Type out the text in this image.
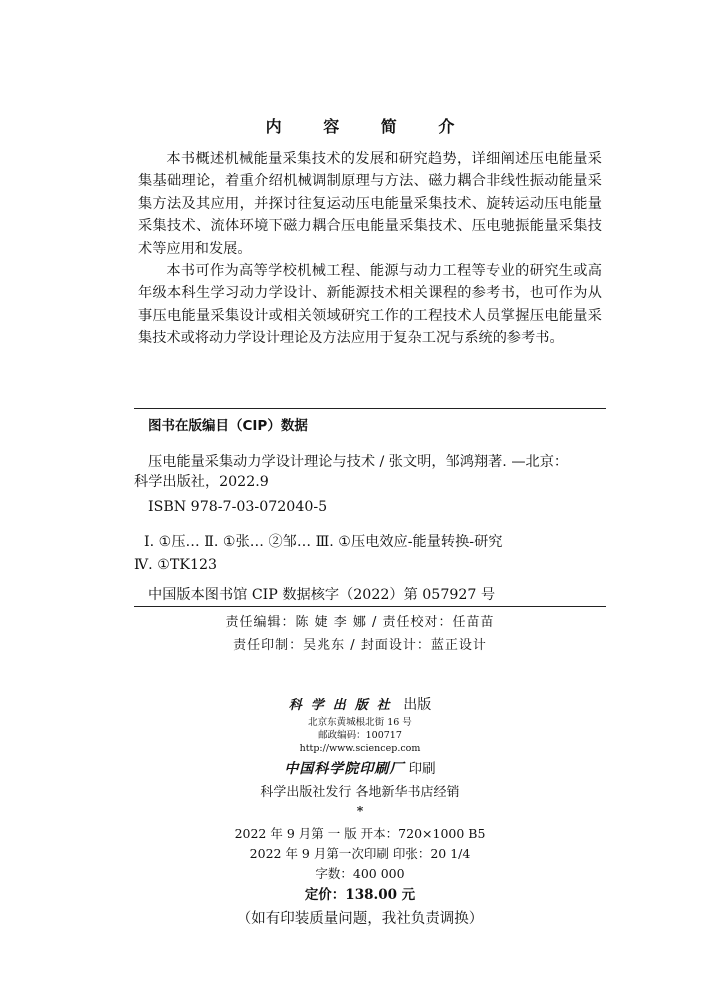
内 容 简 介

本书概述机械能量采集技术的发展和研究趋势，详细阐述压电能量采集基础理论，着重介绍机械调制原理与方法、磁力耦合非线性振动能量采集方法及其应用，并探讨往复运动压电能量采集技术、旋转运动压电能量采集技术、流体环境下磁力耦合压电能量采集技术、压电驰振能量采集技术等应用和发展。

本书可作为高等学校机械工程、能源与动力工程等专业的研究生或高年级本科生学习动力学设计、新能源技术相关课程的参考书，也可作为从事压电能量采集设计或相关领域研究工作的工程技术人员掌握压电能量采集技术或将动力学设计理论及方法应用于复杂工况与系统的参考书。

图书在版编目（CIP）数据
压电能量采集动力学设计理论与技术 / 张文明，邹鸿翔著. —北京：
科学出版社，2022.9
ISBN 978-7-03-072040-5
Ⅰ. ①压… Ⅱ. ①张… ②邹… Ⅲ. ①压电效应-能量转换-研究
Ⅳ. ①TK123
中国版本图书馆 CIP 数据核字（2022）第 057927 号
责任编辑：陈 婕 李 娜 / 责任校对：任苗苗
责任印制：吴兆东 / 封面设计：蓝正设计
科学出版社 出版
北京东黄城根北街 16 号
邮政编码：100717
http://www.sciencep.com
中国科学院印刷厂 印刷
科学出版社发行 各地新华书店经销
*
2022 年 9 月第 一 版 开本：720×1000 B5
2022 年 9 月第一次印刷 印张：20 1/4
字数：400 000
定价：138.00 元
（如有印装质量问题，我社负责调换）
